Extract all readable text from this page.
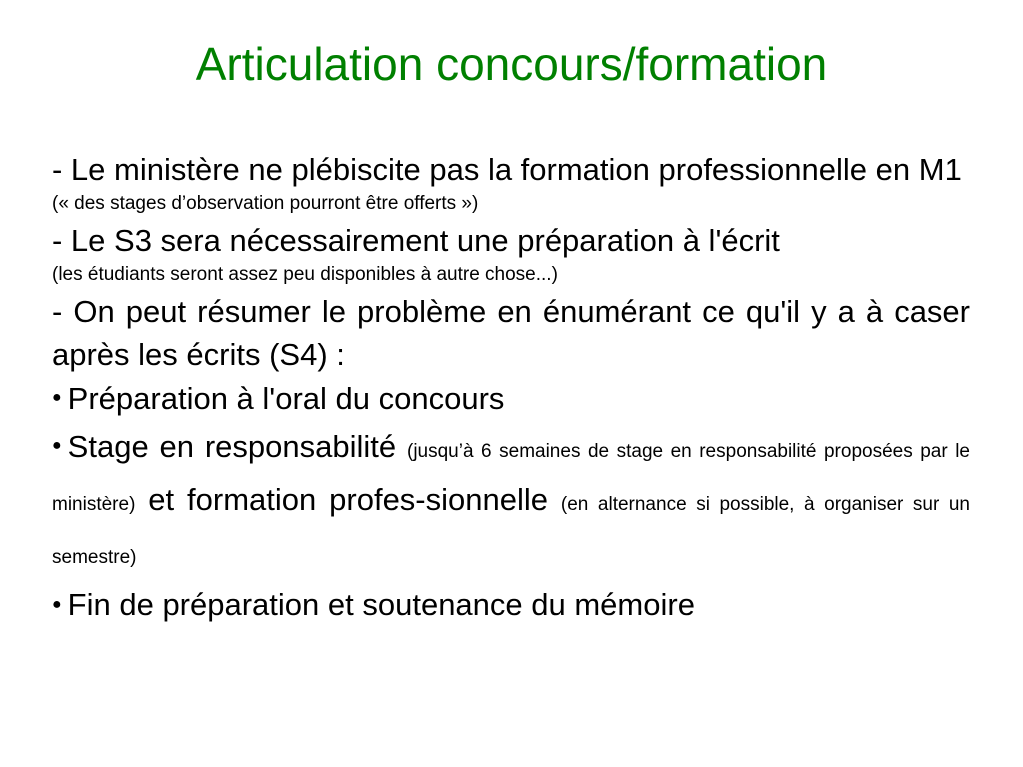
Articulation concours/formation

- Le ministère ne plébiscite pas la formation professionnelle en M1

(« des stages d’observation pourront être offerts »)

- Le S3 sera nécessairement une préparation à l'écrit

(les étudiants seront assez peu disponibles à autre chose...)

- On peut résumer le problème en énumérant ce qu'il y a à caser après les écrits (S4) :

● Préparation à l'oral du concours

● Stage en responsabilité (jusqu’à 6 semaines de stage en responsabilité proposées par le ministère) et formation profes-sionnelle (en alternance si possible, à organiser sur un semestre)

● Fin de préparation et soutenance du mémoire
